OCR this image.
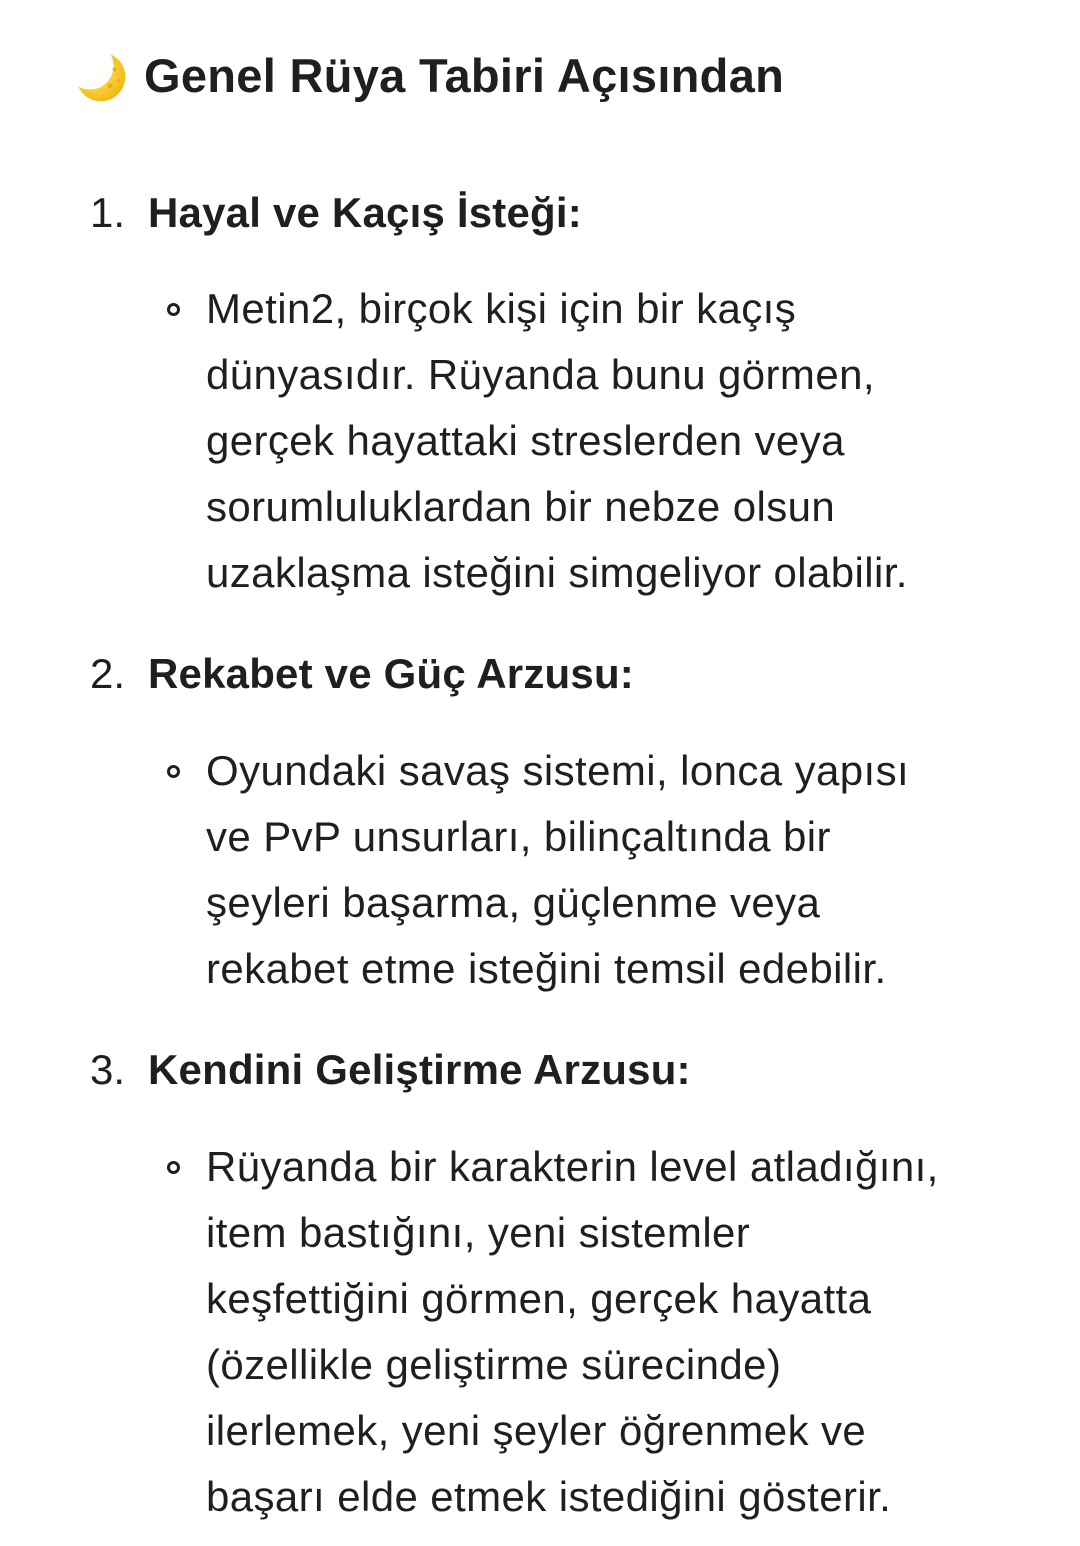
Genel Rüya Tabiri Açısından
1. Hayal ve Kaçış İsteği:
Metin2, birçok kişi için bir kaçış
dünyasıdır. Rüyanda bunu görmen,
gerçek hayattaki streslerden veya
sorumluluklardan bir nebze olsun
uzaklaşma isteğini simgeliyor olabilir.
2. Rekabet ve Güç Arzusu:
Oyundaki savaş sistemi, lonca yapısı
ve PvP unsurları, bilinçaltında bir
şeyleri başarma, güçlenme veya
rekabet etme isteğini temsil edebilir.
3. Kendini Geliştirme Arzusu:
Rüyanda bir karakterin level atladığını,
item bastığını, yeni sistemler
keşfettiğini görmen, gerçek hayatta
(özellikle geliştirme sürecinde)
ilerlemek, yeni şeyler öğrenmek ve
başarı elde etmek istediğini gösterir.
